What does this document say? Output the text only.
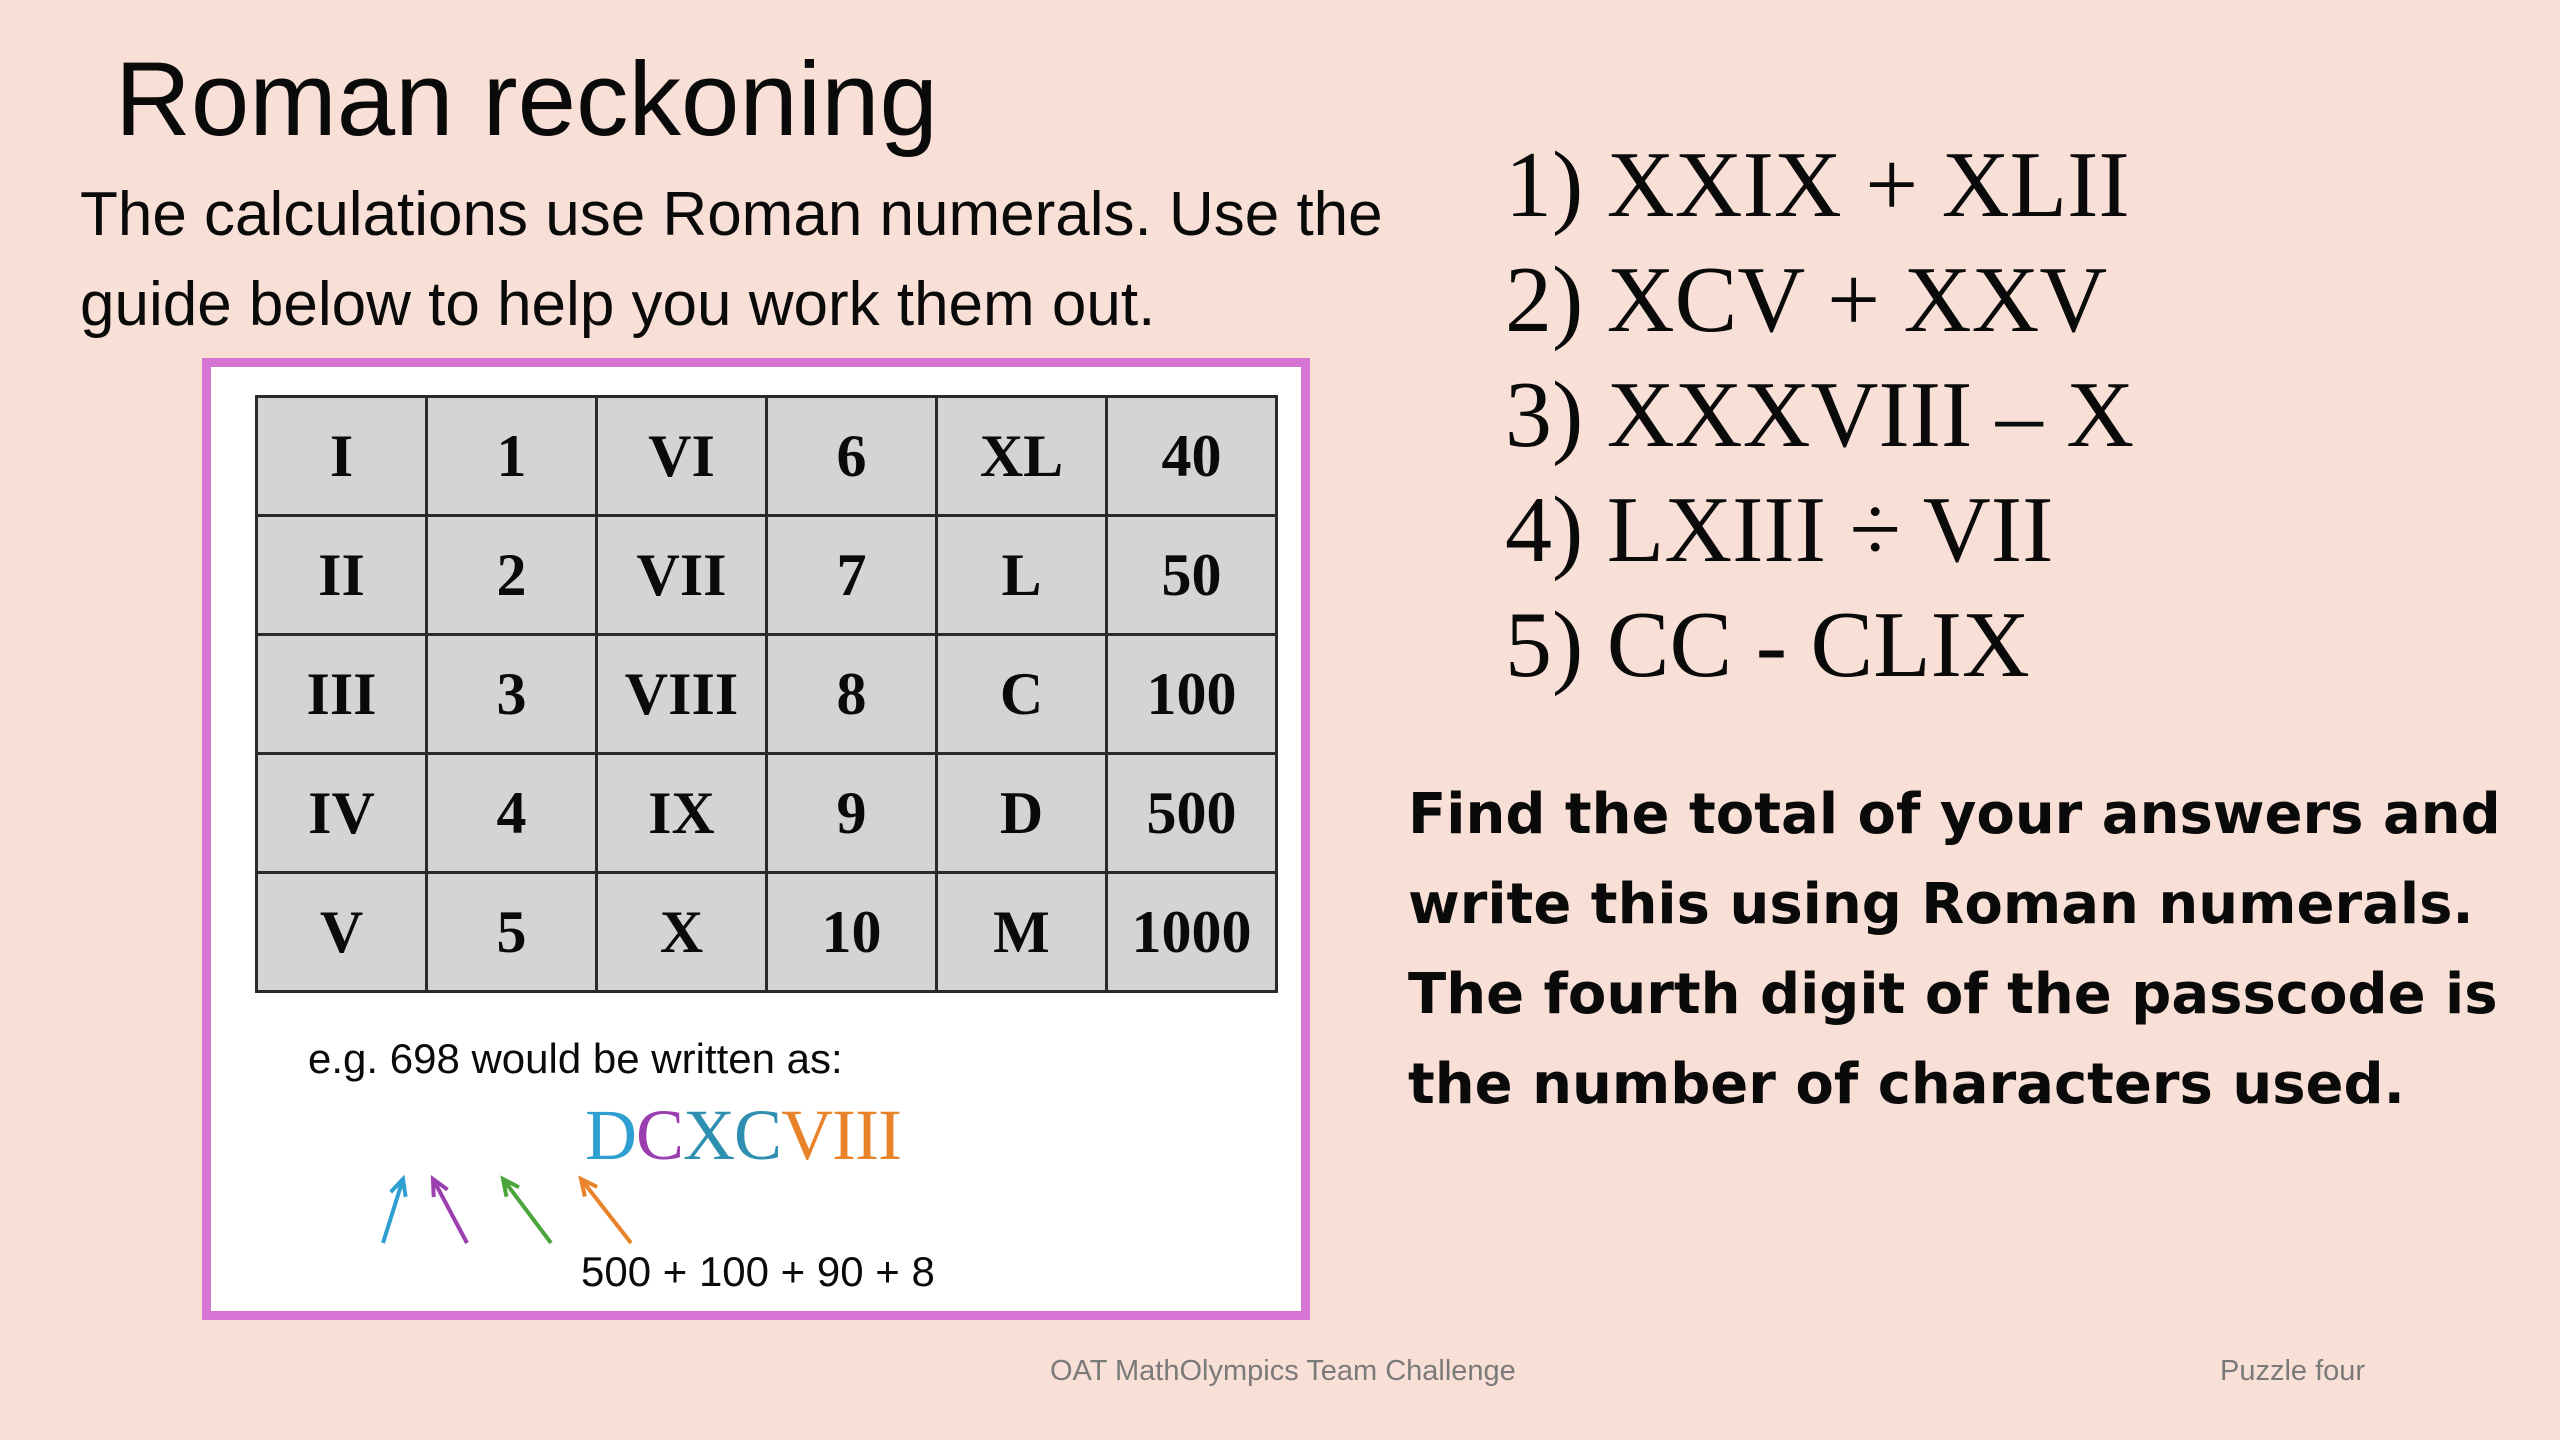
Roman reckoning
The calculations use Roman numerals. Use the
guide below to help you work them out.
I	1	VI	6	XL	40
II	2	VII	7	L	50
III	3	VIII	8	C	100
IV	4	IX	9	D	500
V	5	X	10	M	1000
e.g. 698 would be written as:
DCXCVIII
500 + 100 + 90 + 8
1) XXIX + XLII
2) XCV + XXV
3) XXXVIII – X
4) LXIII ÷ VII
5) CC - CLIX
Find the total of your answers and
write this using Roman numerals.
The fourth digit of the passcode is
the number of characters used.
OAT MathOlympics Team Challenge	Puzzle four
